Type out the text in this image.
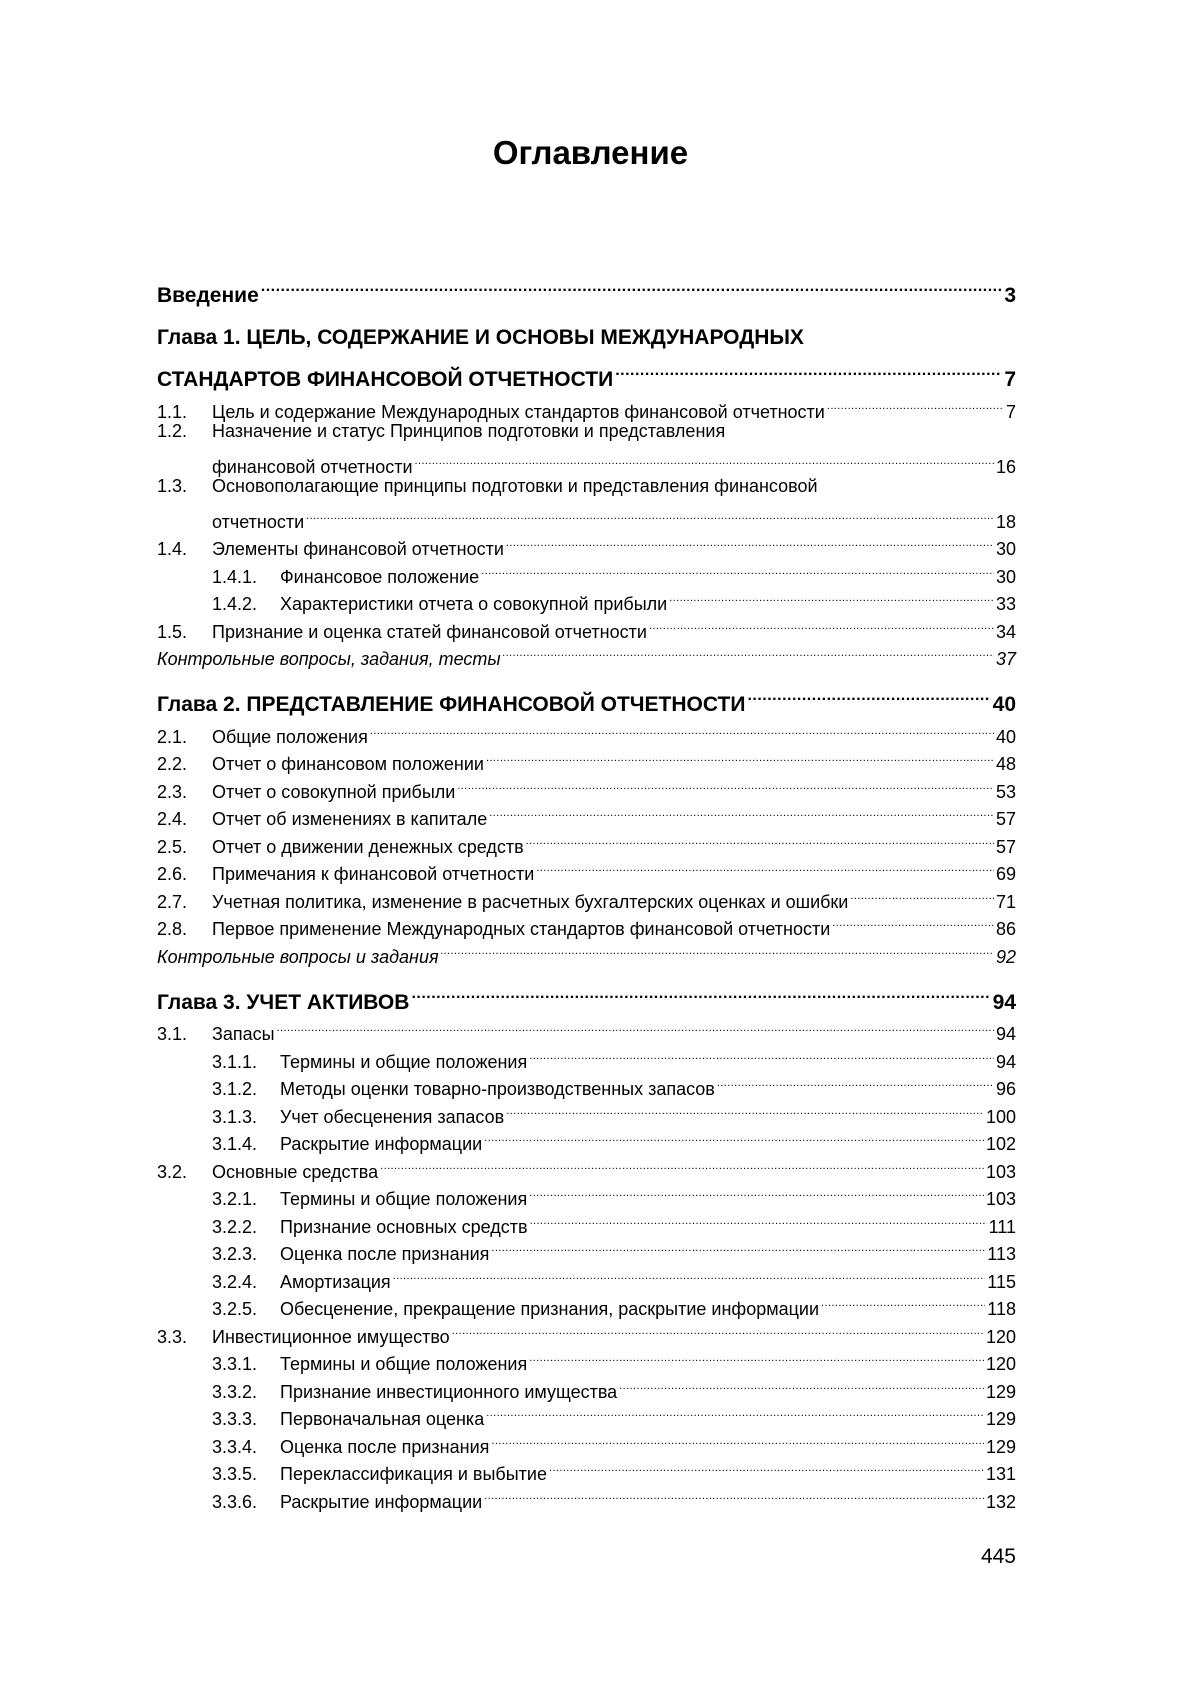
Оглавление
Введение .....	3
Глава 1. ЦЕЛЬ, СОДЕРЖАНИЕ И ОСНОВЫ МЕЖДУНАРОДНЫХ
СТАНДАРТОВ ФИНАНСОВОЙ ОТЧЕТНОСТИ .....	7
1.1.	Цель и содержание Международных стандартов финансовой отчетности .....	7
1.2.	Назначение и статус Принципов подготовки и представления
финансовой отчетности .....	16
1.3.	Основополагающие принципы подготовки и представления финансовой
отчетности .....	18
1.4.	Элементы финансовой отчетности .....	30
1.4.1.	Финансовое положение .....	30
1.4.2.	Характеристики отчета о совокупной прибыли .....	33
1.5.	Признание и оценка статей финансовой отчетности .....	34
Контрольные вопросы, задания, тесты .....	37
Глава 2. ПРЕДСТАВЛЕНИЕ ФИНАНСОВОЙ ОТЧЕТНОСТИ .....	40
2.1.	Общие положения .....	40
2.2.	Отчет о финансовом положении .....	48
2.3.	Отчет о совокупной прибыли .....	53
2.4.	Отчет об изменениях в капитале .....	57
2.5.	Отчет о движении денежных средств .....	57
2.6.	Примечания к финансовой отчетности .....	69
2.7.	Учетная политика, изменение в расчетных бухгалтерских оценках и ошибки .....	71
2.8.	Первое применение Международных стандартов финансовой отчетности .....	86
Контрольные вопросы и задания .....	92
Глава 3. УЧЕТ АКТИВОВ .....	94
3.1.	Запасы .....	94
3.1.1.	Термины и общие положения .....	94
3.1.2.	Методы оценки товарно-производственных запасов .....	96
3.1.3.	Учет обесценения запасов .....	100
3.1.4.	Раскрытие информации .....	102
3.2.	Основные средства .....	103
3.2.1.	Термины и общие положения .....	103
3.2.2.	Признание основных средств .....	111
3.2.3.	Оценка после признания .....	113
3.2.4.	Амортизация .....	115
3.2.5.	Обесценение, прекращение признания, раскрытие информации .....	118
3.3.	Инвестиционное имущество .....	120
3.3.1.	Термины и общие положения .....	120
3.3.2.	Признание инвестиционного имущества .....	129
3.3.3.	Первоначальная оценка .....	129
3.3.4.	Оценка после признания .....	129
3.3.5.	Переклассификация и выбытие .....	131
3.3.6.	Раскрытие информации .....	132
445
